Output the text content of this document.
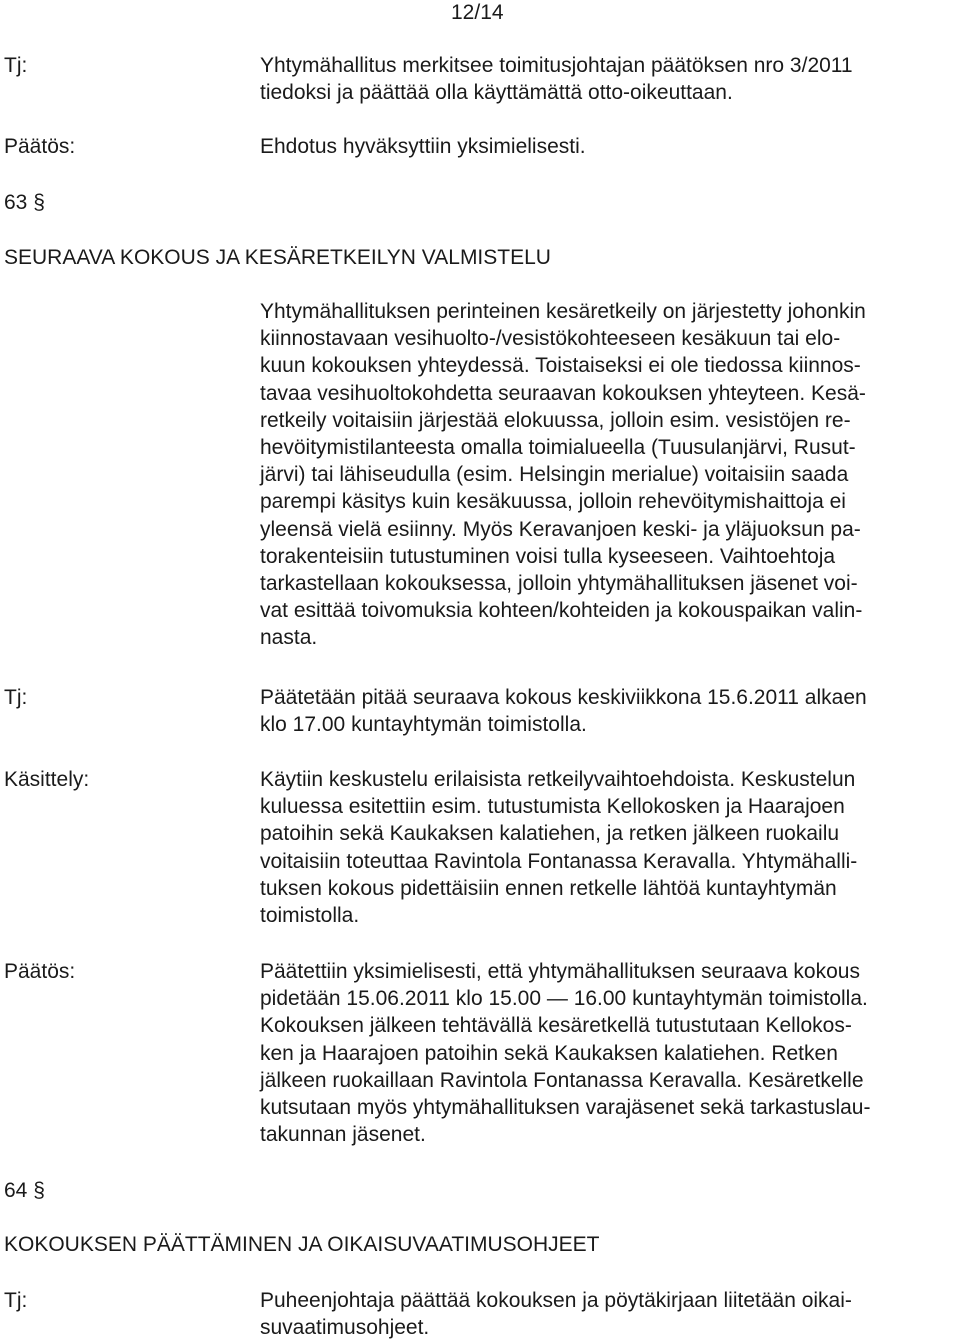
12/14
Tj:	Yhtymähallitus merkitsee toimitusjohtajan päätöksen nro 3/2011
tiedoksi ja päättää olla käyttämättä otto-oikeuttaan.
Päätös:	Ehdotus hyväksyttiin yksimielisesti.
63 §
SEURAAVA KOKOUS JA KESÄRETKEILYN VALMISTELU
Yhtymähallituksen perinteinen kesäretkeily on järjestetty johonkin
kiinnostavaan vesihuolto-/vesistökohteeseen kesäkuun tai elo-
kuun kokouksen yhteydessä. Toistaiseksi ei ole tiedossa kiinnos-
tavaa vesihuoltokohdetta seuraavan kokouksen yhteyteen. Kesä-
retkeily voitaisiin järjestää elokuussa, jolloin esim. vesistöjen re-
hevöitymistilanteesta omalla toimialueella (Tuusulanjärvi, Rusut-
järvi) tai lähiseudulla (esim. Helsingin merialue) voitaisiin saada
parempi käsitys kuin kesäkuussa, jolloin rehevöitymishaittoja ei
yleensä vielä esiinny. Myös Keravanjoen keski- ja yläjuoksun pa-
torakenteisiin tutustuminen voisi tulla kyseeseen. Vaihtoehtoja
tarkastellaan kokouksessa, jolloin yhtymähallituksen jäsenet voi-
vat esittää toivomuksia kohteen/kohteiden ja kokouspaikan valin-
nasta.
Tj:	Päätetään pitää seuraava kokous keskiviikkona 15.6.2011 alkaen
klo 17.00 kuntayhtymän toimistolla.
Käsittely:	Käytiin keskustelu erilaisista retkeilyvaihtoehdoista. Keskustelun
kuluessa esitettiin esim. tutustumista Kellokosken ja Haarajoen
patoihin sekä Kaukaksen kalatiehen, ja retken jälkeen ruokailu
voitaisiin toteuttaa Ravintola Fontanassa Keravalla. Yhtymähalli-
tuksen kokous pidettäisiin ennen retkelle lähtöä kuntayhtymän
toimistolla.
Päätös:	Päätettiin yksimielisesti, että yhtymähallituksen seuraava kokous
pidetään 15.06.2011 klo 15.00 — 16.00 kuntayhtymän toimistolla.
Kokouksen jälkeen tehtävällä kesäretkellä tutustutaan Kellokos-
ken ja Haarajoen patoihin sekä Kaukaksen kalatiehen. Retken
jälkeen ruokaillaan Ravintola Fontanassa Keravalla. Kesäretkelle
kutsutaan myös yhtymähallituksen varajäsenet sekä tarkastuslau-
takunnan jäsenet.
64 §
KOKOUKSEN PÄÄTTÄMINEN JA OIKAISUVAATIMUSOHJEET
Tj:	Puheenjohtaja päättää kokouksen ja pöytäkirjaan liitetään oikai-
suvaatimusohjeet.
